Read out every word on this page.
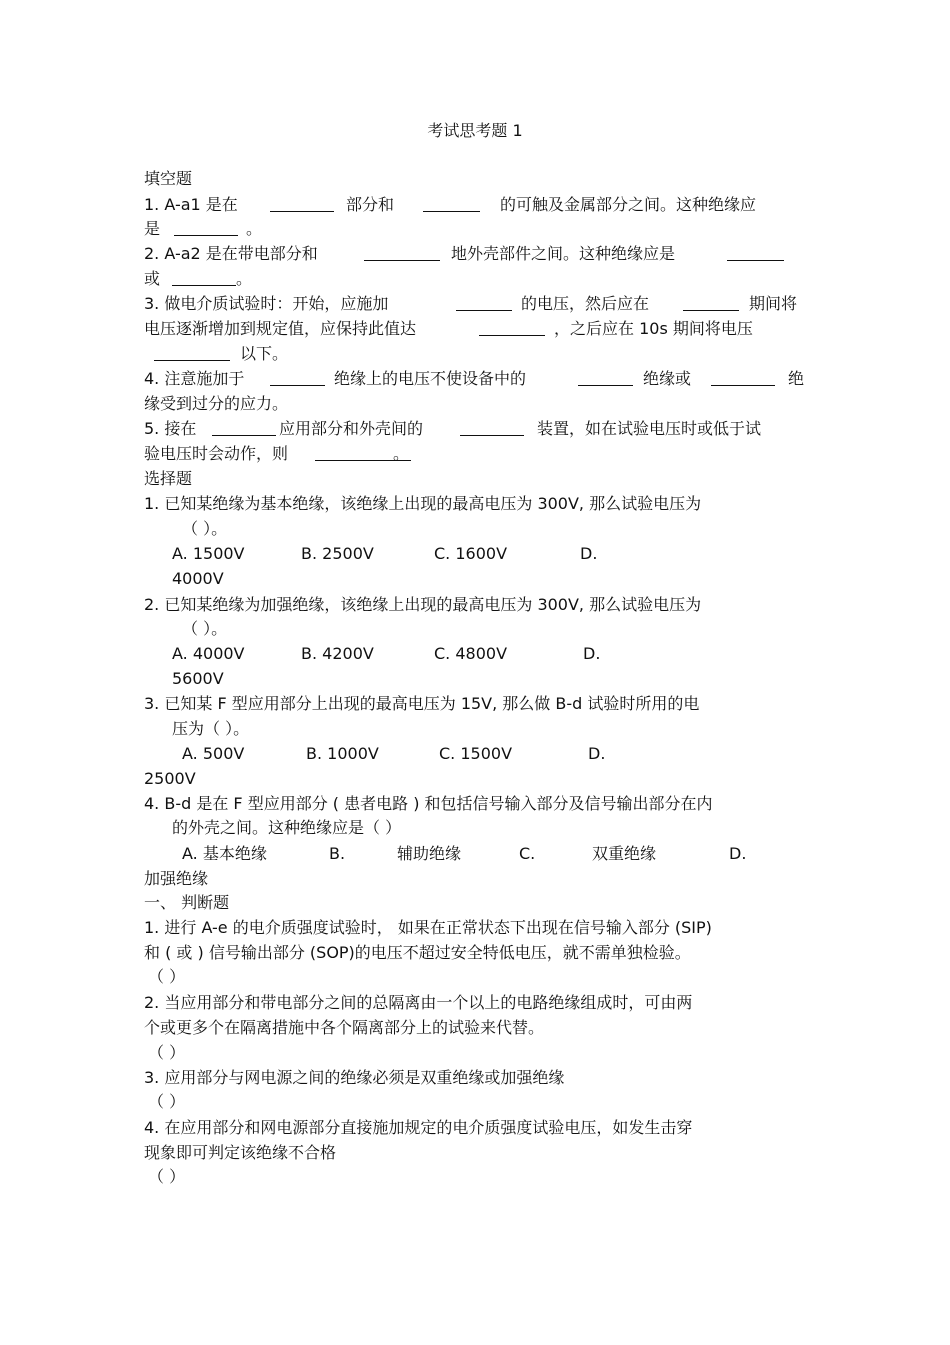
考试思考题 1
填空题
1. A-a1 是在	部分和	的可触及金属部分之间。这种绝缘应
是	。
2. A-a2 是在带电部分和	地外壳部件之间。这种绝缘应是
或	。
3. 做电介质试验时：开始，应施加	的电压，然后应在	期间将
电压逐渐增加到规定值，应保持此值达	，之后应在 10s 期间将电压
以下。
4. 注意施加于	绝缘上的电压不使设备中的	绝缘或	绝
缘受到过分的应力。
5. 接在	应用部分和外壳间的	装置，如在试验电压时或低于试
验电压时会动作，则	。
选择题
1. 已知某绝缘为基本绝缘，该绝缘上出现的最高电压为 300V, 那么试验电压为
（ ）。
A. 1500V	B. 2500V	C. 1600V	D.
4000V
2. 已知某绝缘为加强绝缘，该绝缘上出现的最高电压为 300V, 那么试验电压为
（ ）。
A. 4000V	B. 4200V	C. 4800V	D.
5600V
3. 已知某 F 型应用部分上出现的最高电压为 15V, 那么做 B-d 试验时所用的电
压为（ ）。
A. 500V	B. 1000V	C. 1500V	D.
2500V
4. B-d 是在 F 型应用部分 ( 患者电路 ) 和包括信号输入部分及信号输出部分在内
的外壳之间。这种绝缘应是（ ）
A. 基本绝缘	B.	辅助绝缘	C.	双重绝缘	D.
加强绝缘
一、 判断题
1. 进行 A-e 的电介质强度试验时， 如果在正常状态下出现在信号输入部分 (SIP)
和 ( 或 ) 信号输出部分 (SOP)的电压不超过安全特低电压，就不需单独检验。
（ ）
2. 当应用部分和带电部分之间的总隔离由一个以上的电路绝缘组成时，可由两
个或更多个在隔离措施中各个隔离部分上的试验来代替。
（ ）
3. 应用部分与网电源之间的绝缘必须是双重绝缘或加强绝缘
（ ）
4. 在应用部分和网电源部分直接施加规定的电介质强度试验电压，如发生击穿
现象即可判定该绝缘不合格
（ ）
